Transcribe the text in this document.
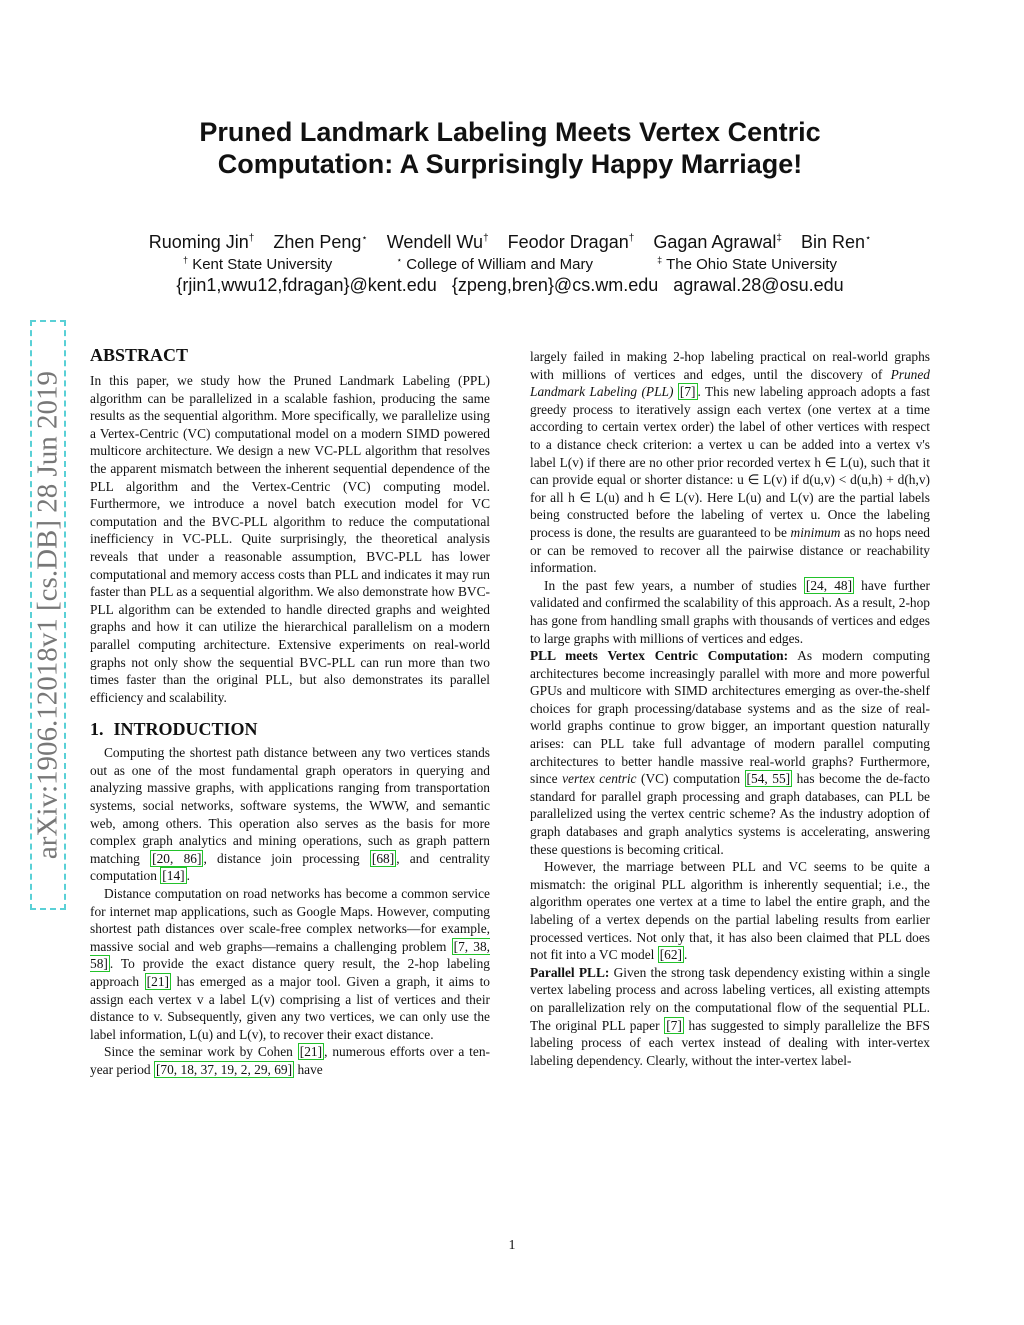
Pruned Landmark Labeling Meets Vertex Centric
Computation: A Surprisingly Happy Marriage!
Ruoming Jin† Zhen Peng⋆ Wendell Wu† Feodor Dragan† Gagan Agrawal‡ Bin Ren⋆
† Kent State University	⋆ College of William and Mary	‡ The Ohio State University
{rjin1,wwu12,fdragan}@kent.edu {zpeng,bren}@cs.wm.edu agrawal.28@osu.edu
arXiv:1906.12018v1 [cs.DB] 28 Jun 2019
ABSTRACT

In this paper, we study how the Pruned Landmark Labeling (PPL) algorithm can be parallelized in a scalable fashion, producing the same results as the sequential algorithm. More specifically, we parallelize using a Vertex-Centric (VC) computational model on a modern SIMD powered multicore architecture. We design a new VC-PLL algorithm that resolves the apparent mismatch between the inherent sequential dependence of the PLL algorithm and the Vertex-Centric (VC) computing model. Furthermore, we introduce a novel batch execution model for VC computation and the BVC-PLL algorithm to reduce the computational inefficiency in VC-PLL. Quite surprisingly, the theoretical analysis reveals that under a reasonable assumption, BVC-PLL has lower computational and memory access costs than PLL and indicates it may run faster than PLL as a sequential algorithm. We also demonstrate how BVC-PLL algorithm can be extended to handle directed graphs and weighted graphs and how it can utilize the hierarchical parallelism on a modern parallel computing architecture. Extensive experiments on real-world graphs not only show the sequential BVC-PLL can run more than two times faster than the original PLL, but also demonstrates its parallel efficiency and scalability.

1. INTRODUCTION

Computing the shortest path distance between any two vertices stands out as one of the most fundamental graph operators in querying and analyzing massive graphs, with applications ranging from transportation systems, social networks, software systems, the WWW, and semantic web, among others. This operation also serves as the basis for more complex graph analytics and mining operations, such as graph pattern matching [20, 86] , distance join processing [68] , and centrality computation [14] .

Distance computation on road networks has become a common service for internet map applications, such as Google Maps. However, computing shortest path distances over scale-free complex networks—for example, massive social and web graphs—remains a challenging problem [7, 38, 58] . To provide the exact distance query result, the 2-hop labeling approach [21] has emerged as a major tool. Given a graph, it aims to assign each vertex v a label L(v) comprising a list of vertices and their distance to v. Subsequently, given any two vertices, we can only use the label information, L(u) and L(v), to recover their exact distance.

Since the seminar work by Cohen [21] , numerous efforts over a ten-year period [70, 18, 37, 19, 2, 29, 69] have

largely failed in making 2-hop labeling practical on real-world graphs with millions of vertices and edges, until the discovery of Pruned Landmark Labeling (PLL) [7] . This new labeling approach adopts a fast greedy process to iteratively assign each vertex (one vertex at a time according to certain vertex order) the label of other vertices with respect to a distance check criterion: a vertex u can be added into a vertex v's label L(v) if there are no other prior recorded vertex h ∈ L(u), such that it can provide equal or shorter distance: u ∈ L(v) if d(u,v) < d(u,h) + d(h,v) for all h ∈ L(u) and h ∈ L(v). Here L(u) and L(v) are the partial labels being constructed before the labeling of vertex u. Once the labeling process is done, the results are guaranteed to be minimum as no hops need or can be removed to recover all the pairwise distance or reachability information.

In the past few years, a number of studies [24, 48] have further validated and confirmed the scalability of this approach. As a result, 2-hop has gone from handling small graphs with thousands of vertices and edges to large graphs with millions of vertices and edges.

PLL meets Vertex Centric Computation: As modern computing architectures become increasingly parallel with more and more powerful GPUs and multicore with SIMD architectures emerging as over-the-shelf choices for graph processing/database systems and as the size of real-world graphs continue to grow bigger, an important question naturally arises: can PLL take full advantage of modern parallel computing architectures to better handle massive real-world graphs? Furthermore, since vertex centric (VC) computation [54, 55] has become the de-facto standard for parallel graph processing and graph databases, can PLL be parallelized using the vertex centric scheme? As the industry adoption of graph databases and graph analytics systems is accelerating, answering these questions is becoming critical.

However, the marriage between PLL and VC seems to be quite a mismatch: the original PLL algorithm is inherently sequential; i.e., the algorithm operates one vertex at a time to label the entire graph, and the labeling of a vertex depends on the partial labeling results from earlier processed vertices. Not only that, it has also been claimed that PLL does not fit into a VC model [62] .

Parallel PLL: Given the strong task dependency existing within a single vertex labeling process and across labeling vertices, all existing attempts on parallelization rely on the computational flow of the sequential PLL. The original PLL paper [7] has suggested to simply parallelize the BFS labeling process of each vertex instead of dealing with inter-vertex labeling dependency. Clearly, without the inter-vertex label-

1
